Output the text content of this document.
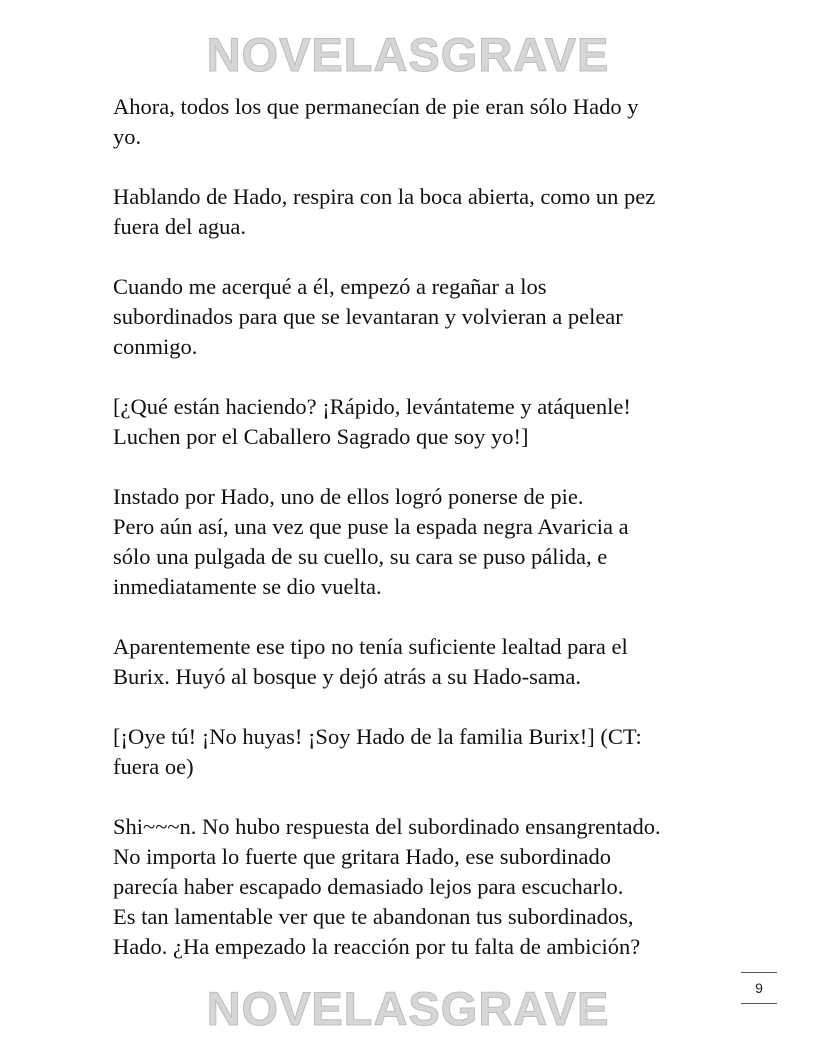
NOVELASGRAVE

Ahora, todos los que permanecían de pie eran sólo Hado y
yo.

Hablando de Hado, respira con la boca abierta, como un pez
fuera del agua.

Cuando me acerqué a él, empezó a regañar a los
subordinados para que se levantaran y volvieran a pelear
conmigo.

[¿Qué están haciendo? ¡Rápido, levántateme y atáquenle!
Luchen por el Caballero Sagrado que soy yo!]

Instado por Hado, uno de ellos logró ponerse de pie.
Pero aún así, una vez que puse la espada negra Avaricia a
sólo una pulgada de su cuello, su cara se puso pálida, e
inmediatamente se dio vuelta.

Aparentemente ese tipo no tenía suficiente lealtad para el
Burix. Huyó al bosque y dejó atrás a su Hado-sama.

[¡Oye tú! ¡No huyas! ¡Soy Hado de la familia Burix!] (CT:
fuera oe)

Shi~~~n. No hubo respuesta del subordinado ensangrentado.
No importa lo fuerte que gritara Hado, ese subordinado
parecía haber escapado demasiado lejos para escucharlo.
Es tan lamentable ver que te abandonan tus subordinados,
Hado. ¿Ha empezado la reacción por tu falta de ambición?

9
NOVELASGRAVE
